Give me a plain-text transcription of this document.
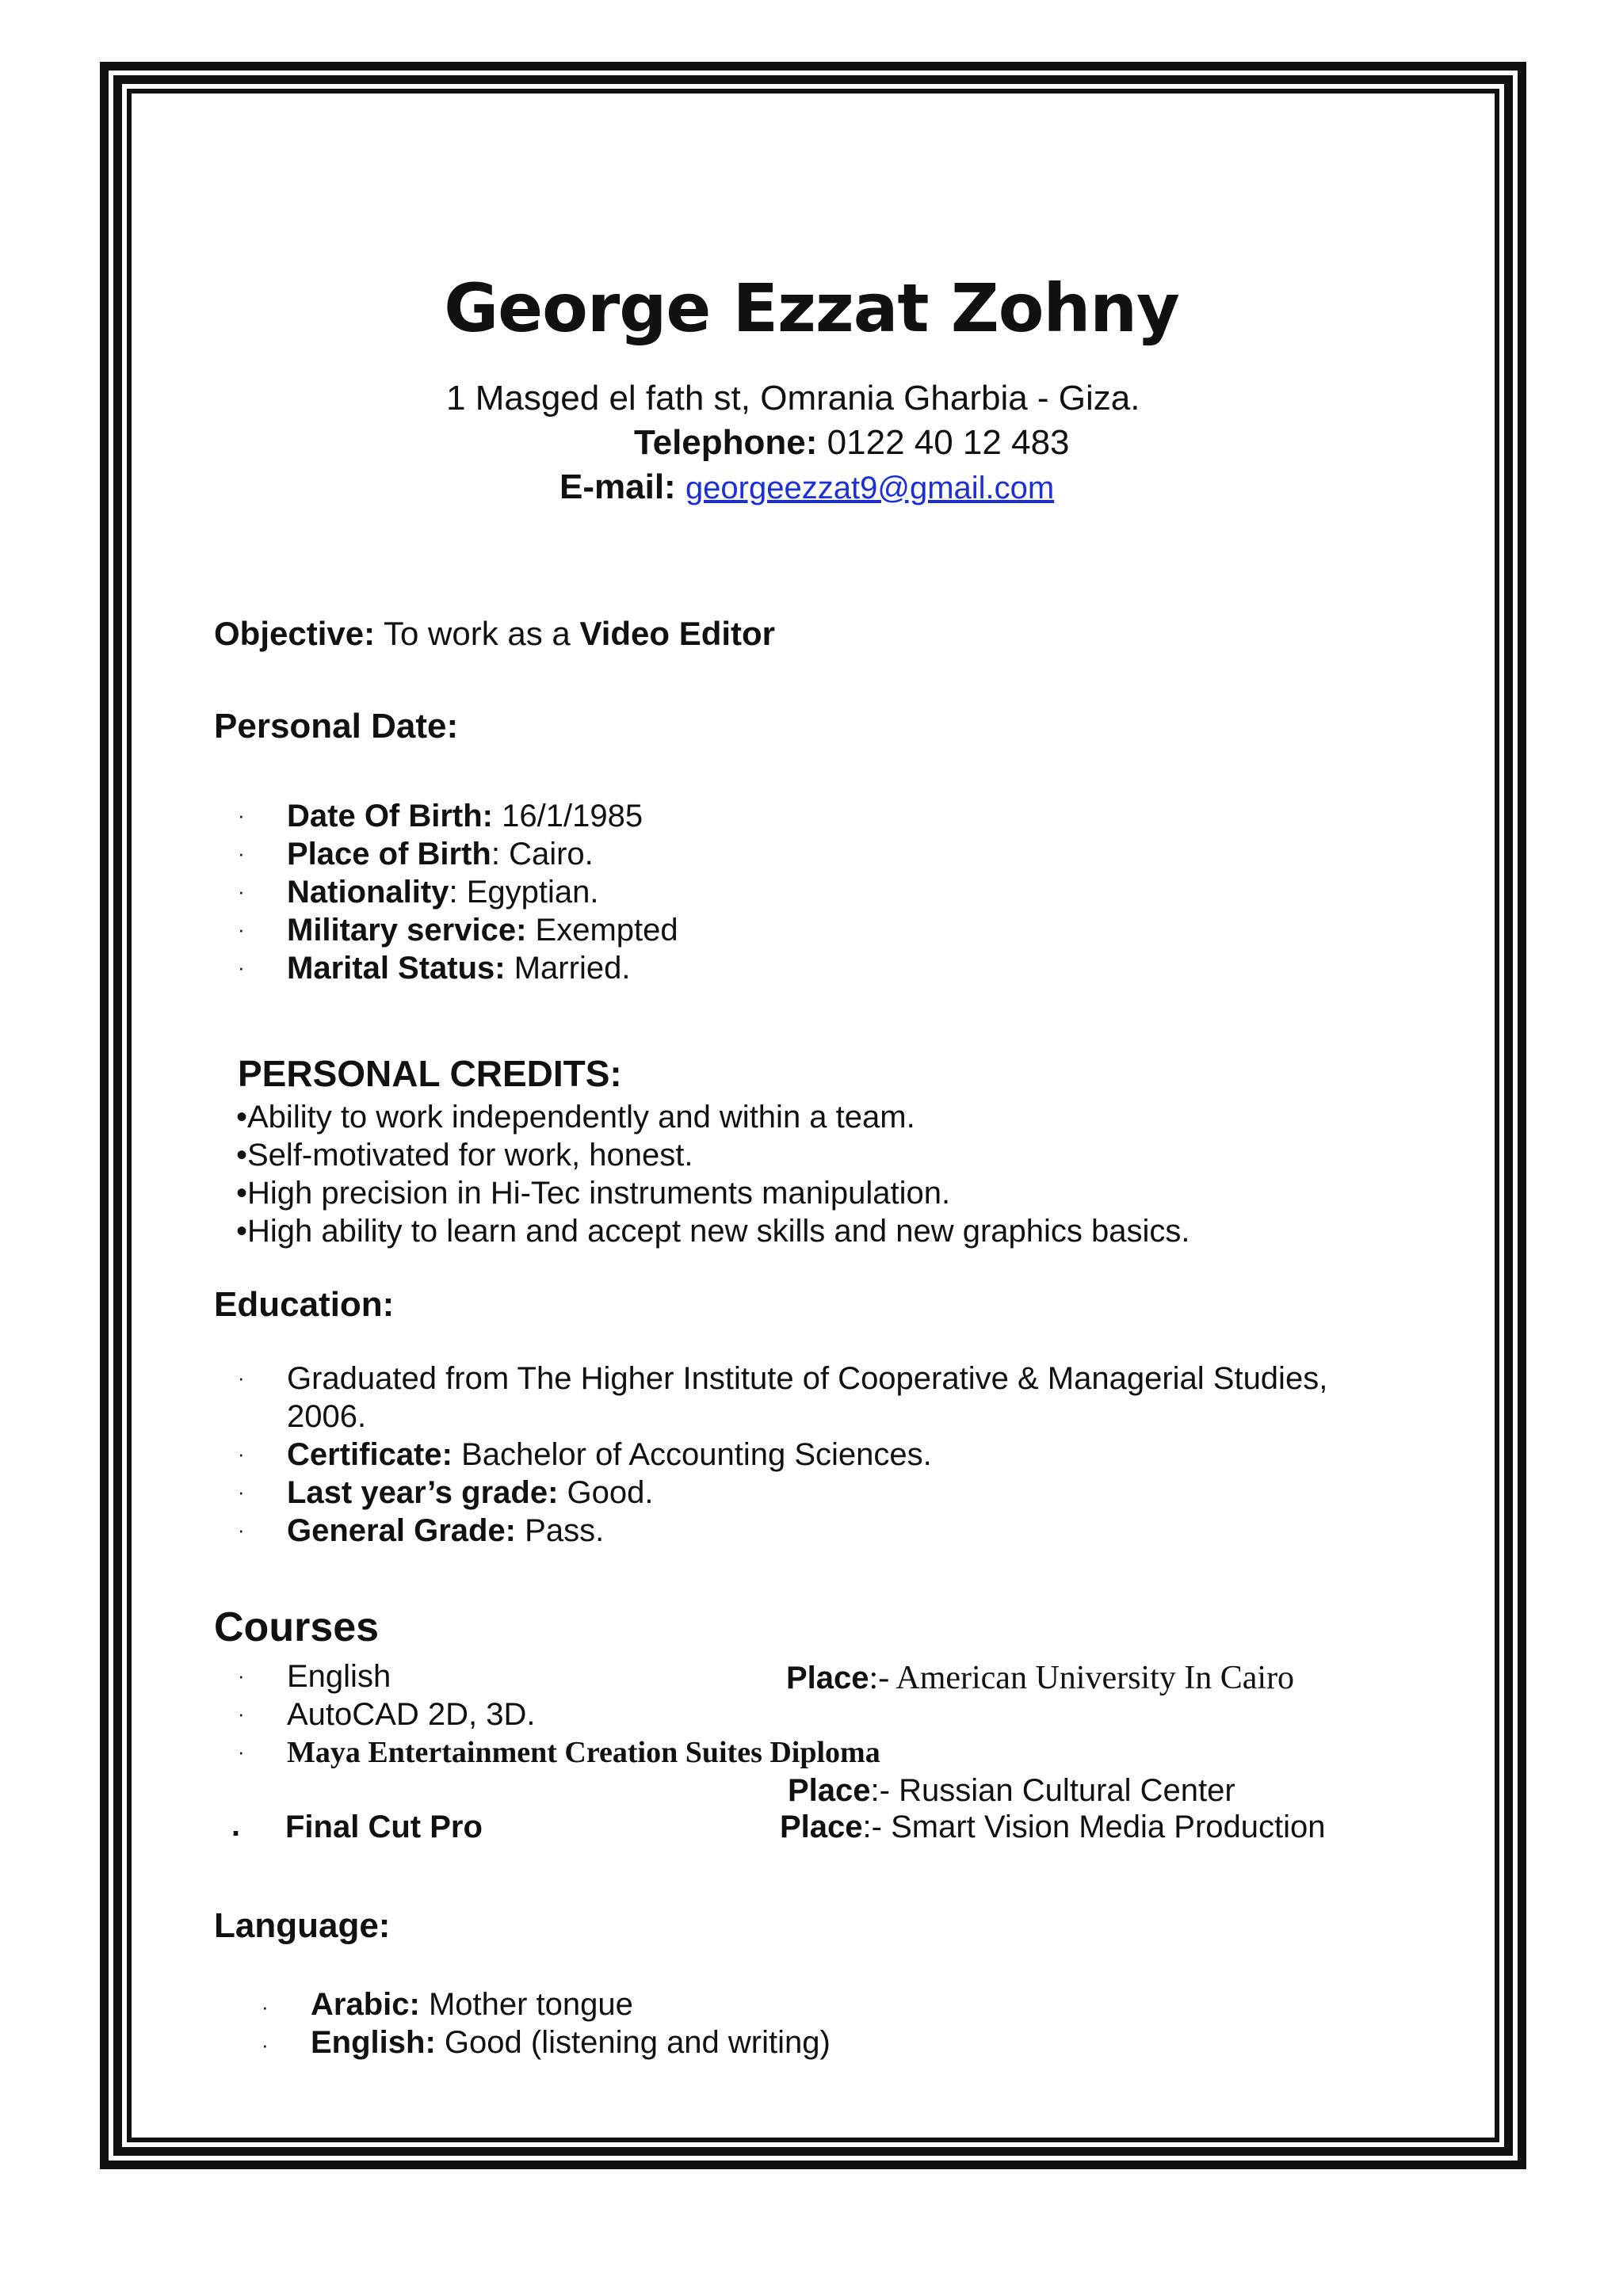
George Ezzat Zohny
1 Masged el fath st, Omrania Gharbia - Giza.
Telephone: 0122 40 12 483
E-mail: georgeezzat9@gmail.com
Objective: To work as a Video Editor
Personal Date:
· Date Of Birth: 16/1/1985
· Place of Birth: Cairo.
· Nationality: Egyptian.
· Military service: Exempted
· Marital Status: Married.
PERSONAL CREDITS:
•Ability to work independently and within a team.
•Self-motivated for work, honest.
•High precision in Hi-Tec instruments manipulation.
•High ability to learn and accept new skills and new graphics basics.
Education:
· Graduated from The Higher Institute of Cooperative & Managerial Studies,
2006.
· Certificate: Bachelor of Accounting Sciences.
· Last year’s grade: Good.
· General Grade: Pass.
Courses
· English	Place:- American University In Cairo
· AutoCAD 2D, 3D.
· Maya Entertainment Creation Suites Diploma
Place:- Russian Cultural Center
. Final Cut Pro	Place:- Smart Vision Media Production
Language:
· Arabic: Mother tongue
· English: Good (listening and writing)
